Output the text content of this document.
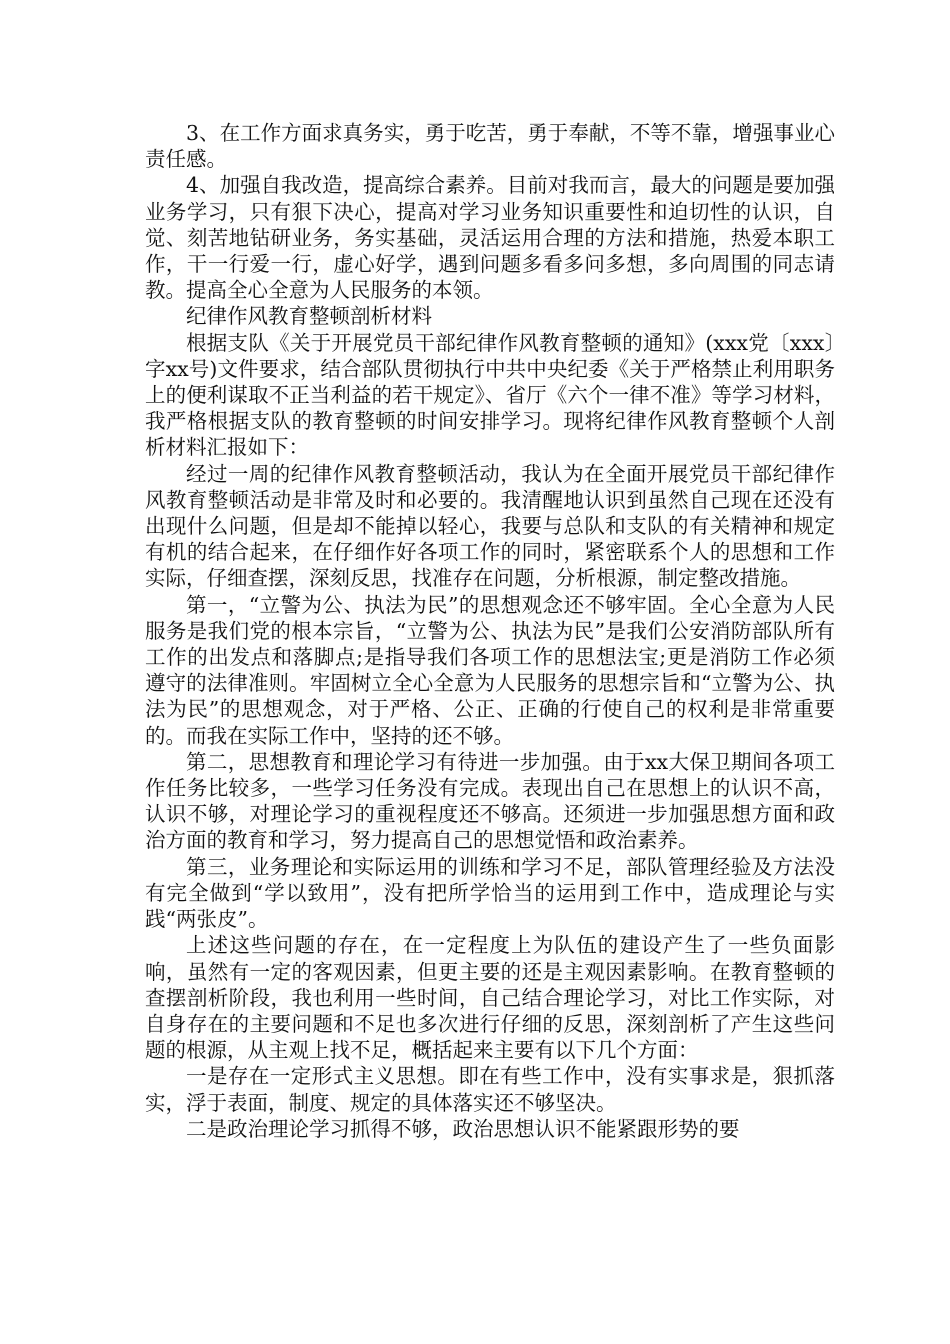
3、在工作方面求真务实，勇于吃苦，勇于奉献，不等不靠，增强事业心责任感。

4、加强自我改造，提高综合素养。目前对我而言，最大的问题是要加强业务学习，只有狠下决心，提高对学习业务知识重要性和迫切性的认识，自觉、刻苦地钻研业务，务实基础，灵活运用合理的方法和措施，热爱本职工作，干一行爱一行，虚心好学，遇到问题多看多问多想，多向周围的同志请教。提高全心全意为人民服务的本领。

纪律作风教育整顿剖析材料

根据支队《关于开展党员干部纪律作风教育整顿的通知》(xxx党〔xxx〕字xx号)文件要求，结合部队贯彻执行中共中央纪委《关于严格禁止利用职务上的便利谋取不正当利益的若干规定》、省厅《六个一律不准》等学习材料，我严格根据支队的教育整顿的时间安排学习。现将纪律作风教育整顿个人剖析材料汇报如下：

经过一周的纪律作风教育整顿活动，我认为在全面开展党员干部纪律作风教育整顿活动是非常及时和必要的。我清醒地认识到虽然自己现在还没有出现什么问题，但是却不能掉以轻心，我要与总队和支队的有关精神和规定有机的结合起来，在仔细作好各项工作的同时，紧密联系个人的思想和工作实际，仔细查摆，深刻反思，找准存在问题，分析根源，制定整改措施。

第一，“立警为公、执法为民”的思想观念还不够牢固。全心全意为人民服务是我们党的根本宗旨，“立警为公、执法为民”是我们公安消防部队所有工作的出发点和落脚点;是指导我们各项工作的思想法宝;更是消防工作必须遵守的法律准则。牢固树立全心全意为人民服务的思想宗旨和“立警为公、执法为民”的思想观念，对于严格、公正、正确的行使自己的权利是非常重要的。而我在实际工作中，坚持的还不够。

第二，思想教育和理论学习有待进一步加强。由于xx大保卫期间各项工作任务比较多，一些学习任务没有完成。表现出自己在思想上的认识不高，认识不够，对理论学习的重视程度还不够高。还须进一步加强思想方面和政治方面的教育和学习，努力提高自己的思想觉悟和政治素养。

第三，业务理论和实际运用的训练和学习不足，部队管理经验及方法没有完全做到“学以致用”，没有把所学恰当的运用到工作中，造成理论与实践“两张皮”。

上述这些问题的存在，在一定程度上为队伍的建设产生了一些负面影响，虽然有一定的客观因素，但更主要的还是主观因素影响。在教育整顿的查摆剖析阶段，我也利用一些时间，自己结合理论学习，对比工作实际，对自身存在的主要问题和不足也多次进行仔细的反思，深刻剖析了产生这些问题的根源，从主观上找不足，概括起来主要有以下几个方面：

一是存在一定形式主义思想。即在有些工作中，没有实事求是，狠抓落实，浮于表面，制度、规定的具体落实还不够坚决。

二是政治理论学习抓得不够，政治思想认识不能紧跟形势的要
